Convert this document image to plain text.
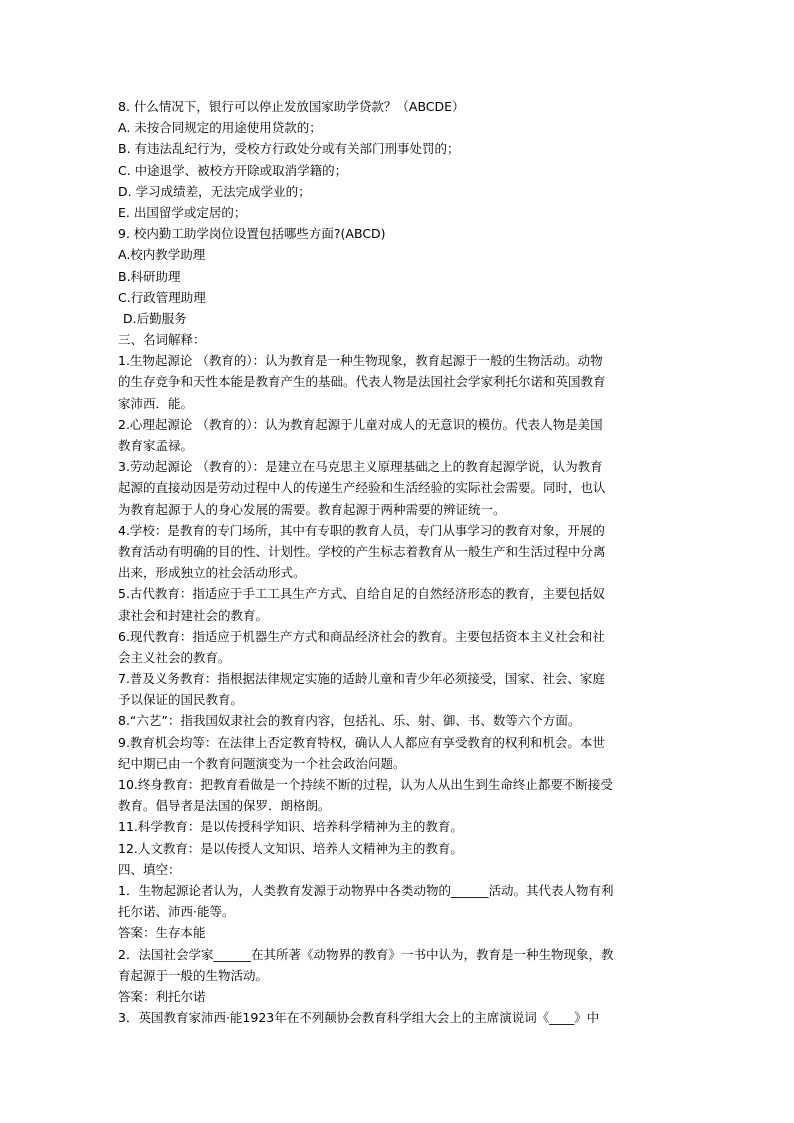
8. 什么情况下，银行可以停止发放国家助学贷款？（ABCDE）
A. 未按合同规定的用途使用贷款的；
B. 有违法乱纪行为，受校方行政处分或有关部门刑事处罚的；
C. 中途退学、被校方开除或取消学籍的；
D. 学习成绩差，无法完成学业的；
E. 出国留学或定居的；
9. 校内勤工助学岗位设置包括哪些方面?(ABCD)
A.校内教学助理
B.科研助理
C.行政管理助理
D.后勤服务
三、名词解释：
1.生物起源论 （教育的）：认为教育是一种生物现象，教育起源于一般的生物活动。动物
的生存竞争和天性本能是教育产生的基础。代表人物是法国社会学家利托尔诺和英国教育
家沛西．能。
2.心理起源论 （教育的）：认为教育起源于儿童对成人的无意识的模仿。代表人物是美国
教育家孟禄。
3.劳动起源论 （教育的）：是建立在马克思主义原理基础之上的教育起源学说，认为教育
起源的直接动因是劳动过程中人的传递生产经验和生活经验的实际社会需要。同时，也认
为教育起源于人的身心发展的需要。教育起源于两种需要的辨证统一。
4.学校：是教育的专门场所，其中有专职的教育人员，专门从事学习的教育对象，开展的
教育活动有明确的目的性、计划性。学校的产生标志着教育从一般生产和生活过程中分离
出来，形成独立的社会活动形式。
5.古代教育：指适应于手工工具生产方式、自给自足的自然经济形态的教育，主要包括奴
隶社会和封建社会的教育。
6.现代教育：指适应于机器生产方式和商品经济社会的教育。主要包括资本主义社会和社
会主义社会的教育。
7.普及义务教育：指根据法律规定实施的适龄儿童和青少年必须接受，国家、社会、家庭
予以保证的国民教育。
8.“六艺”：指我国奴隶社会的教育内容，包括礼、乐、射、御、书、数等六个方面。
9.教育机会均等：在法律上否定教育特权，确认人人都应有享受教育的权利和机会。本世
纪中期已由一个教育问题演变为一个社会政治问题。
10.终身教育：把教育看做是一个持续不断的过程，认为人从出生到生命终止都要不断接受
教育。倡导者是法国的保罗．朗格朗。
11.科学教育：是以传授科学知识、培养科学精神为主的教育。
12.人文教育：是以传授人文知识、培养人文精神为主的教育。
四、填空：
1．生物起源论者认为，人类教育发源于动物界中各类动物的______活动。其代表人物有利
托尔诺、沛西·能等。
答案：生存本能
2．法国社会学家______在其所著《动物界的教育》一书中认为，教育是一种生物现象，教
育起源于一般的生物活动。
答案：利托尔诺
3．英国教育家沛西·能1923年在不列颠协会教育科学组大会上的主席演说词《____》中
